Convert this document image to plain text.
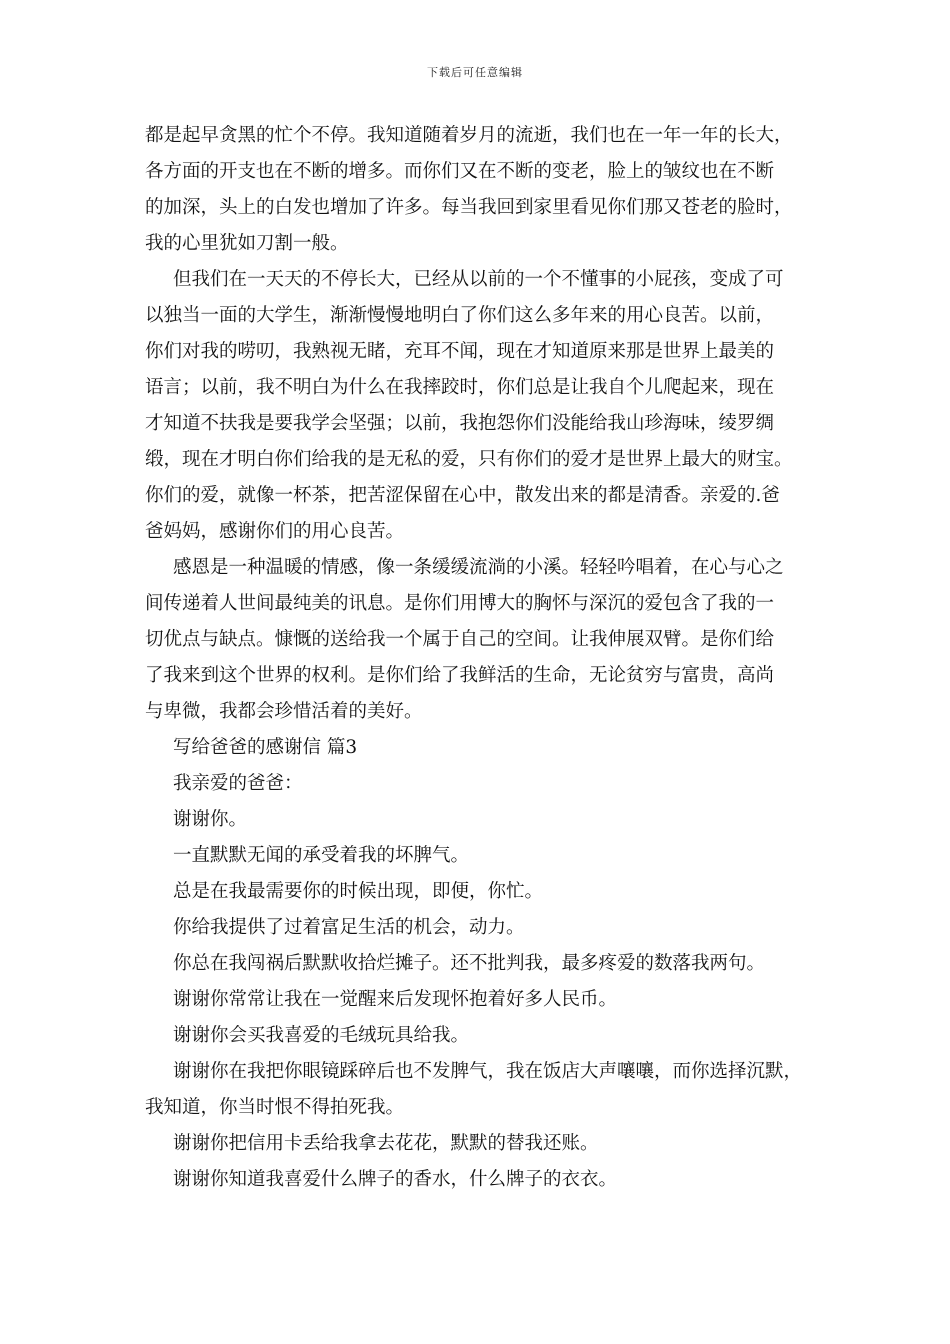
下载后可任意编辑

都是起早贪黑的忙个不停。我知道随着岁月的流逝，我们也在一年一年的长大，
各方面的开支也在不断的增多。而你们又在不断的变老，脸上的皱纹也在不断
的加深，头上的白发也增加了许多。每当我回到家里看见你们那又苍老的脸时，
我的心里犹如刀割一般。

但我们在一天天的不停长大，已经从以前的一个不懂事的小屁孩，变成了可
以独当一面的大学生，渐渐慢慢地明白了你们这么多年来的用心良苦。以前，
你们对我的唠叨，我熟视无睹，充耳不闻，现在才知道原来那是世界上最美的
语言；以前，我不明白为什么在我摔跤时，你们总是让我自个儿爬起来，现在
才知道不扶我是要我学会坚强；以前，我抱怨你们没能给我山珍海味，绫罗绸
缎，现在才明白你们给我的是无私的爱，只有你们的爱才是世界上最大的财宝。
你们的爱，就像一杯茶，把苦涩保留在心中，散发出来的都是清香。亲爱的.爸
爸妈妈，感谢你们的用心良苦。

感恩是一种温暖的情感，像一条缓缓流淌的小溪。轻轻吟唱着，在心与心之
间传递着人世间最纯美的讯息。是你们用博大的胸怀与深沉的爱包含了我的一
切优点与缺点。慷慨的送给我一个属于自己的空间。让我伸展双臂。是你们给
了我来到这个世界的权利。是你们给了我鲜活的生命，无论贫穷与富贵，高尚
与卑微，我都会珍惜活着的美好。

写给爸爸的感谢信 篇3

我亲爱的爸爸：

谢谢你。

一直默默无闻的承受着我的坏脾气。

总是在我最需要你的时候出现，即便，你忙。

你给我提供了过着富足生活的机会，动力。

你总在我闯祸后默默收拾烂摊子。还不批判我，最多疼爱的数落我两句。

谢谢你常常让我在一觉醒来后发现怀抱着好多人民币。

谢谢你会买我喜爱的毛绒玩具给我。

谢谢你在我把你眼镜踩碎后也不发脾气，我在饭店大声嚷嚷，而你选择沉默，
我知道，你当时恨不得拍死我。

谢谢你把信用卡丢给我拿去花花，默默的替我还账。

谢谢你知道我喜爱什么牌子的香水，什么牌子的衣衣。
